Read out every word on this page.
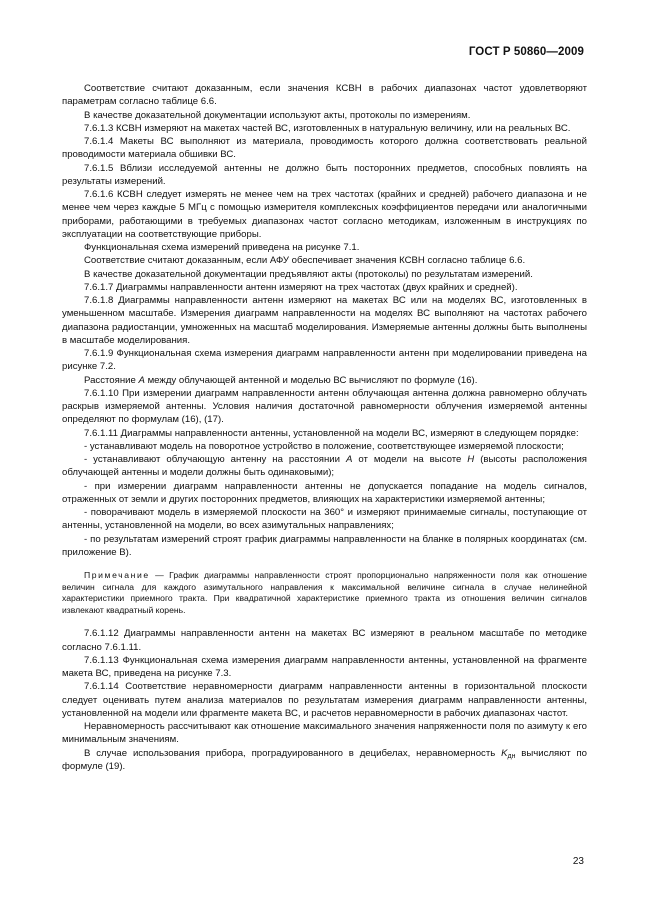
ГОСТ Р 50860—2009

Соответствие считают доказанным, если значения КСВН в рабочих диапазонах частот удовлетворяют параметрам согласно таблице 6.6.

В качестве доказательной документации используют акты, протоколы по измерениям.

7.6.1.3 КСВН измеряют на макетах частей ВС, изготовленных в натуральную величину, или на реальных ВС.

7.6.1.4 Макеты ВС выполняют из материала, проводимость которого должна соответствовать реальной проводимости материала обшивки ВС.

7.6.1.5 Вблизи исследуемой антенны не должно быть посторонних предметов, способных повлиять на результаты измерений.

7.6.1.6 КСВН следует измерять не менее чем на трех частотах (крайних и средней) рабочего диапазона и не менее чем через каждые 5 МГц с помощью измерителя комплексных коэффициентов передачи или аналогичными приборами, работающими в требуемых диапазонах частот согласно методикам, изложенным в инструкциях по эксплуатации на соответствующие приборы.

Функциональная схема измерений приведена на рисунке 7.1.

Соответствие считают доказанным, если АФУ обеспечивает значения КСВН согласно таблице 6.6.

В качестве доказательной документации предъявляют акты (протоколы) по результатам измерений.

7.6.1.7 Диаграммы направленности антенн измеряют на трех частотах (двух крайних и средней).

7.6.1.8 Диаграммы направленности антенн измеряют на макетах ВС или на моделях ВС, изготовленных в уменьшенном масштабе. Измерения диаграмм направленности на моделях ВС выполняют на частотах рабочего диапазона радиостанции, умноженных на масштаб моделирования. Измеряемые антенны должны быть выполнены в масштабе моделирования.

7.6.1.9 Функциональная схема измерения диаграмм направленности антенн при моделировании приведена на рисунке 7.2.

Расстояние A между облучающей антенной и моделью ВС вычисляют по формуле (16).

7.6.1.10 При измерении диаграмм направленности антенн облучающая антенна должна равномерно облучать раскрыв измеряемой антенны. Условия наличия достаточной равномерности облучения измеряемой антенны определяют по формулам (16), (17).

7.6.1.11 Диаграммы направленности антенны, установленной на модели ВС, измеряют в следующем порядке:

- устанавливают модель на поворотное устройство в положение, соответствующее измеряемой плоскости;

- устанавливают облучающую антенну на расстоянии A от модели на высоте H (высоты расположения облучающей антенны и модели должны быть одинаковыми);

- при измерении диаграмм направленности антенны не допускается попадание на модель сигналов, отраженных от земли и других посторонних предметов, влияющих на характеристики измеряемой антенны;

- поворачивают модель в измеряемой плоскости на 360° и измеряют принимаемые сигналы, поступающие от антенны, установленной на модели, во всех азимутальных направлениях;

- по результатам измерений строят график диаграммы направленности на бланке в полярных координатах (см. приложение В).

Примечание — График диаграммы направленности строят пропорционально напряженности поля как отношение величин сигнала для каждого азимутального направления к максимальной величине сигнала в случае нелинейной характеристики приемного тракта. При квадратичной характеристике приемного тракта из отношения величин сигналов извлекают квадратный корень.

7.6.1.12 Диаграммы направленности антенн на макетах ВС измеряют в реальном масштабе по методике согласно 7.6.1.11.

7.6.1.13 Функциональная схема измерения диаграмм направленности антенны, установленной на фрагменте макета ВС, приведена на рисунке 7.3.

7.6.1.14 Соответствие неравномерности диаграмм направленности антенны в горизонтальной плоскости следует оценивать путем анализа материалов по результатам измерения диаграмм направленности антенны, установленной на модели или фрагменте макета ВС, и расчетов неравномерности в рабочих диапазонах частот.

Неравномерность рассчитывают как отношение максимального значения напряженности поля по азимуту к его минимальным значениям.

В случае использования прибора, проградуированного в децибелах, неравномерность $K_{дн}$ вычисляют по формуле (19).

23
